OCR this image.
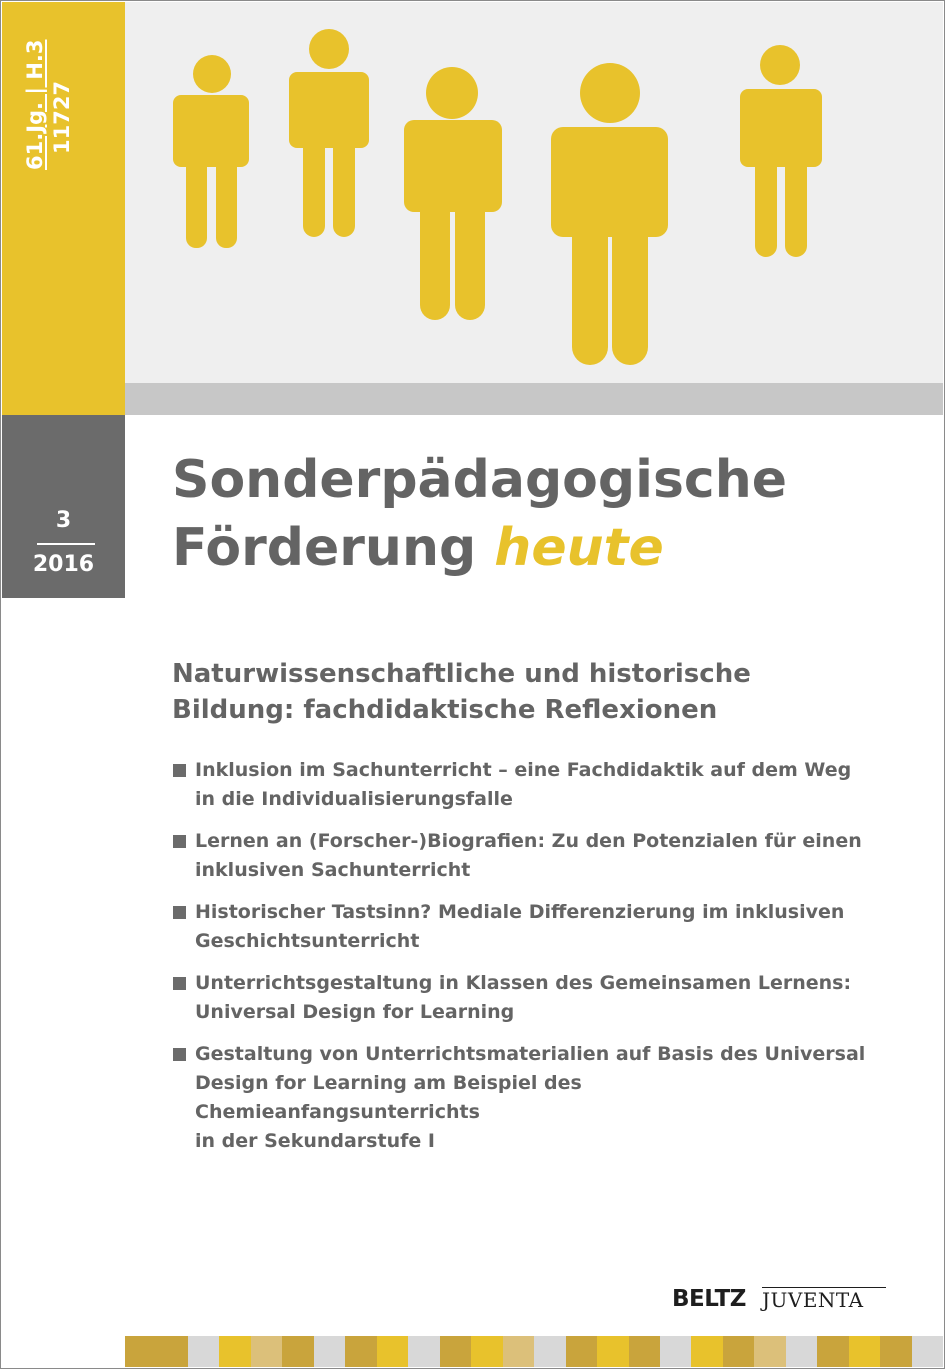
61.Jg. | H.3 11727
3
2016
Sonderpädagogische
Förderung heute
Naturwissenschaftliche und historische
Bildung: fachdidaktische Reflexionen
Inklusion im Sachunterricht – eine Fachdidaktik auf dem Weg
in die Individualisierungsfalle
Lernen an (Forscher-)Biografien: Zu den Potenzialen für einen
inklusiven Sachunterricht
Historischer Tastsinn? Mediale Differenzierung im inklusiven
Geschichtsunterricht
Unterrichtsgestaltung in Klassen des Gemeinsamen Lernens:
Universal Design for Learning
Gestaltung von Unterrichtsmaterialien auf Basis des Universal
Design for Learning am Beispiel des Chemieanfangsunterrichts
in der Sekundarstufe I
BELTZ JUVENTA
